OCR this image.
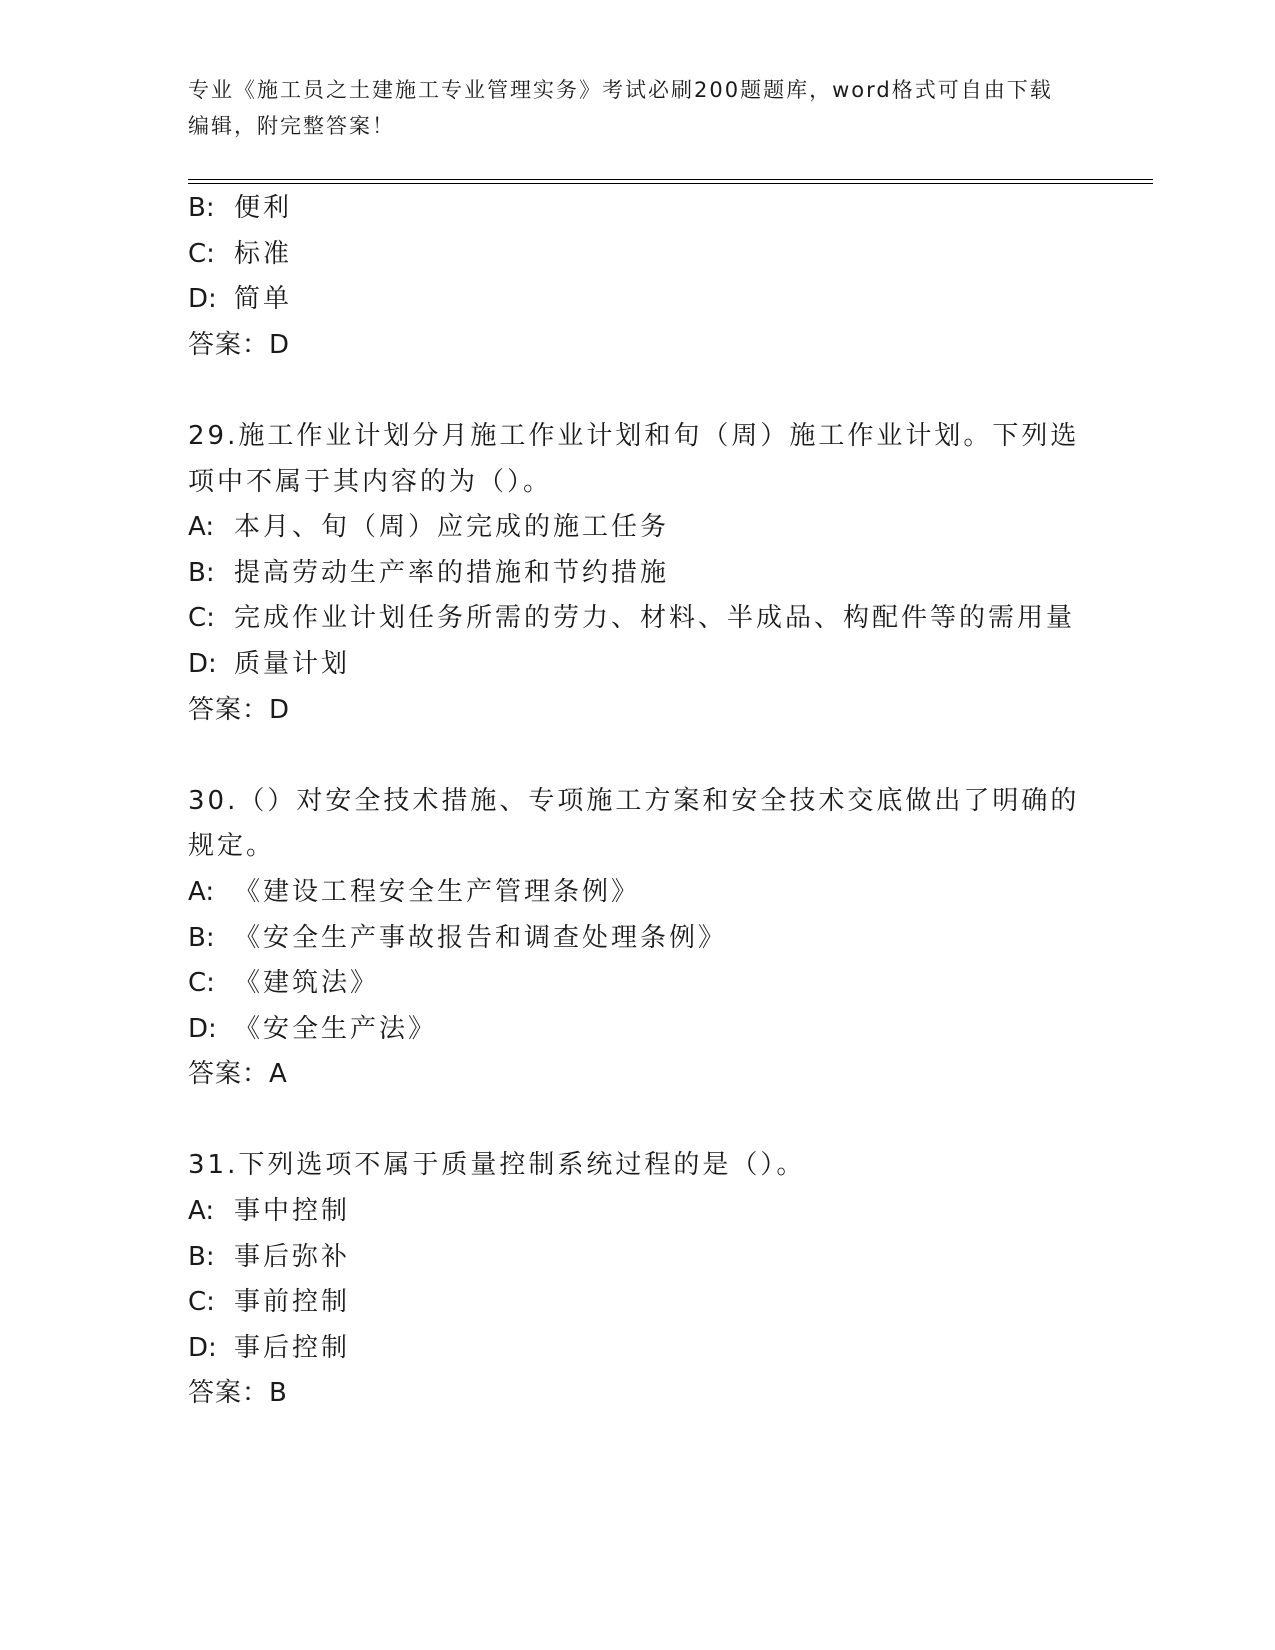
专业《施工员之土建施工专业管理实务》考试必刷200题题库，word格式可自由下载编辑，附完整答案！
B: 便利
C: 标准
D: 简单
答案：D
29.施工作业计划分月施工作业计划和旬（周）施工作业计划。下列选项中不属于其内容的为（）。
A: 本月、旬（周）应完成的施工任务
B: 提高劳动生产率的措施和节约措施
C: 完成作业计划任务所需的劳力、材料、半成品、构配件等的需用量
D: 质量计划
答案：D
30.（）对安全技术措施、专项施工方案和安全技术交底做出了明确的规定。
A: 《建设工程安全生产管理条例》
B: 《安全生产事故报告和调查处理条例》
C: 《建筑法》
D: 《安全生产法》
答案：A
31.下列选项不属于质量控制系统过程的是（）。
A: 事中控制
B: 事后弥补
C: 事前控制
D: 事后控制
答案：B
